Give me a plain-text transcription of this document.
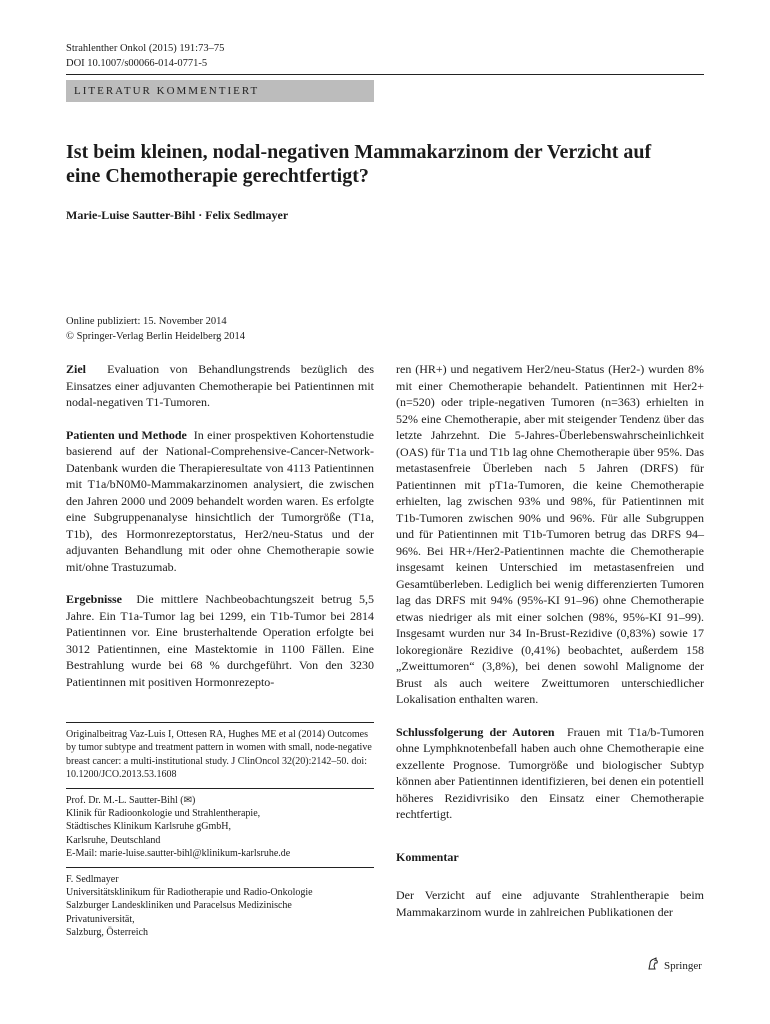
Strahlenther Onkol (2015) 191:73–75
DOI 10.1007/s00066-014-0771-5
LITERATUR KOMMENTIERT
Ist beim kleinen, nodal-negativen Mammakarzinom der Verzicht auf eine Chemotherapie gerechtfertigt?
Marie-Luise Sautter-Bihl · Felix Sedlmayer
Online publiziert: 15. November 2014
© Springer-Verlag Berlin Heidelberg 2014

Ziel Evaluation von Behandlungstrends bezüglich des Einsatzes einer adjuvanten Chemotherapie bei Patientinnen mit nodal-negativen T1-Tumoren.

Patienten und Methode In einer prospektiven Kohortenstudie basierend auf der National-Comprehensive-Cancer-Network-Datenbank wurden die Therapieresultate von 4113 Patientinnen mit T1a/bN0M0-Mammakarzinomen analysiert, die zwischen den Jahren 2000 und 2009 behandelt worden waren. Es erfolgte eine Subgruppenanalyse hinsichtlich der Tumorgröße (T1a, T1b), des Hormonrezeptorstatus, Her2/neu-Status und der adjuvanten Behandlung mit oder ohne Chemotherapie sowie mit/ohne Trastuzumab.

Ergebnisse Die mittlere Nachbeobachtungszeit betrug 5,5 Jahre. Ein T1a-Tumor lag bei 1299, ein T1b-Tumor bei 2814 Patientinnen vor. Eine brusterhaltende Operation erfolgte bei 3012 Patientinnen, eine Mastektomie in 1100 Fällen. Eine Bestrahlung wurde bei 68 % durchgeführt. Von den 3230 Patientinnen mit positiven Hormonrezepto-

Originalbeitrag Vaz-Luis I, Ottesen RA, Hughes ME et al (2014) Outcomes by tumor subtype and treatment pattern in women with small, node-negative breast cancer: a multi-institutional study. J ClinOncol 32(20):2142–50. doi: 10.1200/JCO.2013.53.1608
Prof. Dr. M.-L. Sautter-Bihl (✉)
Klinik für Radioonkologie und Strahlentherapie,
Städtisches Klinikum Karlsruhe gGmbH,
Karlsruhe, Deutschland
E-Mail: marie-luise.sautter-bihl@klinikum-karlsruhe.de
F. Sedlmayer
Universitätsklinikum für Radiotherapie und Radio-Onkologie
Salzburger Landeskliniken und Paracelsus Medizinische
Privatuniversität,
Salzburg, Österreich

ren (HR+) und negativem Her2/neu-Status (Her2-) wurden 8% mit einer Chemotherapie behandelt. Patientinnen mit Her2+(n=520) oder triple-negativen Tumoren (n=363) erhielten in 52% eine Chemotherapie, aber mit steigender Tendenz über das letzte Jahrzehnt. Die 5-Jahres-Überlebenswahrscheinlichkeit (OAS) für T1a und T1b lag ohne Chemotherapie über 95%. Das metastasenfreie Überleben nach 5 Jahren (DRFS) für Patientinnen mit pT1a-Tumoren, die keine Chemotherapie erhielten, lag zwischen 93% und 98%, für Patientinnen mit T1b-Tumoren zwischen 90% und 96%. Für alle Subgruppen und für Patientinnen mit T1b-Tumoren betrug das DRFS 94–96%. Bei HR+/Her2-Patientinnen machte die Chemotherapie insgesamt keinen Unterschied im metastasenfreien und Gesamtüberleben. Lediglich bei wenig differenzierten Tumoren lag das DRFS mit 94% (95%-KI 91–96) ohne Chemotherapie etwas niedriger als mit einer solchen (98%, 95%-KI 91–99). Insgesamt wurden nur 34 In-Brust-Rezidive (0,83%) sowie 17 lokoregionäre Rezidive (0,41%) beobachtet, außerdem 158 „Zweittumoren“ (3,8%), bei denen sowohl Malignome der Brust als auch weitere Zweittumoren unterschiedlicher Lokalisation enthalten waren.

Schlussfolgerung der Autoren Frauen mit T1a/b-Tumoren ohne Lymphknotenbefall haben auch ohne Chemotherapie eine exzellente Prognose. Tumorgröße und biologischer Subtyp können aber Patientinnen identifizieren, bei denen ein potentiell höheres Rezidivrisiko den Einsatz einer Chemotherapie rechtfertigt.

Kommentar

Der Verzicht auf eine adjuvante Strahlentherapie beim Mammakarzinom wurde in zahlreichen Publikationen der

Springer
